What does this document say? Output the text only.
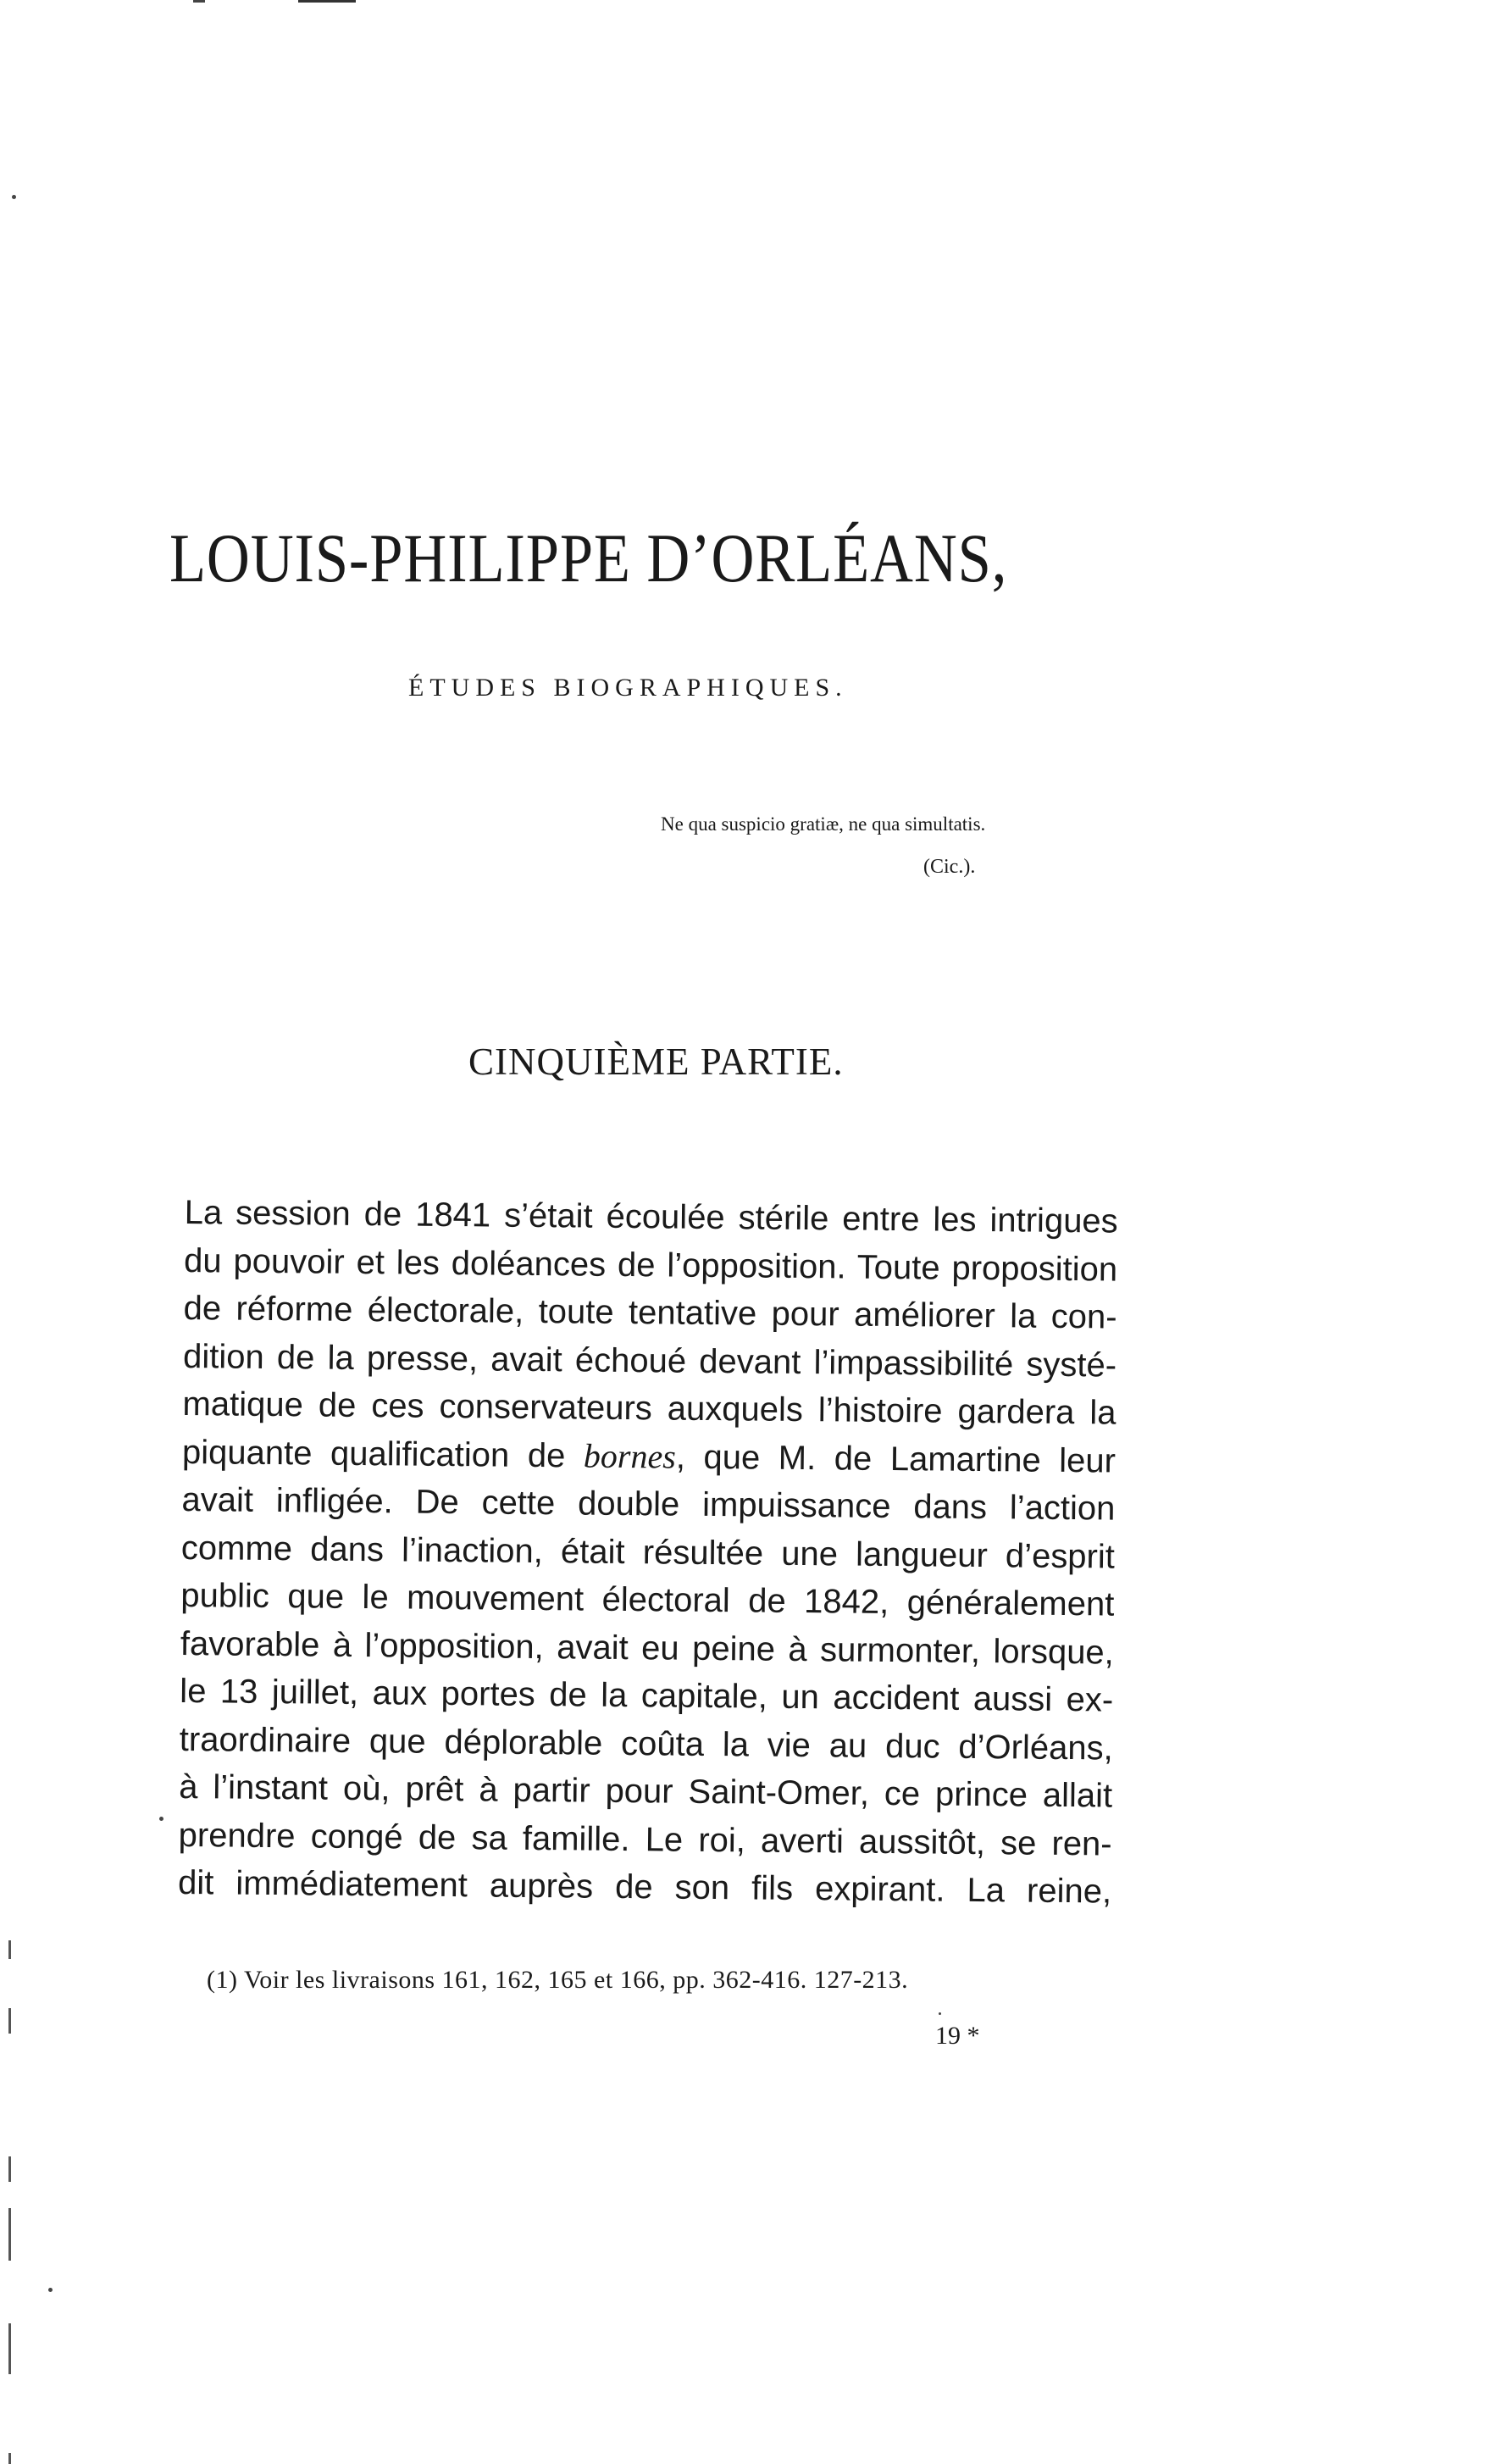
LOUIS-PHILIPPE D’ORLÉANS,
ÉTUDES BIOGRAPHIQUES.
Ne qua suspicio gratiæ, ne qua simultatis.
(Cic.).
CINQUIÈME PARTIE.
La session de 1841 s’était écoulée stérile entre les intrigues
du pouvoir et les doléances de l’opposition. Toute proposition
de réforme électorale, toute tentative pour améliorer la con-
dition de la presse, avait échoué devant l’impassibilité systé-
matique de ces conservateurs auxquels l’histoire gardera la
piquante qualification de bornes, que M. de Lamartine leur
avait infligée. De cette double impuissance dans l’action
comme dans l’inaction, était résultée une langueur d’esprit
public que le mouvement électoral de 1842, généralement
favorable à l’opposition, avait eu peine à surmonter, lorsque,
le 13 juillet, aux portes de la capitale, un accident aussi ex-
traordinaire que déplorable coûta la vie au duc d’Orléans,
à l’instant où, prêt à partir pour Saint-Omer, ce prince allait
prendre congé de sa famille. Le roi, averti aussitôt, se ren-
dit immédiatement auprès de son fils expirant. La reine,
(1) Voir les livraisons 161, 162, 165 et 166, pp. 362-416. 127-213.
19 *
